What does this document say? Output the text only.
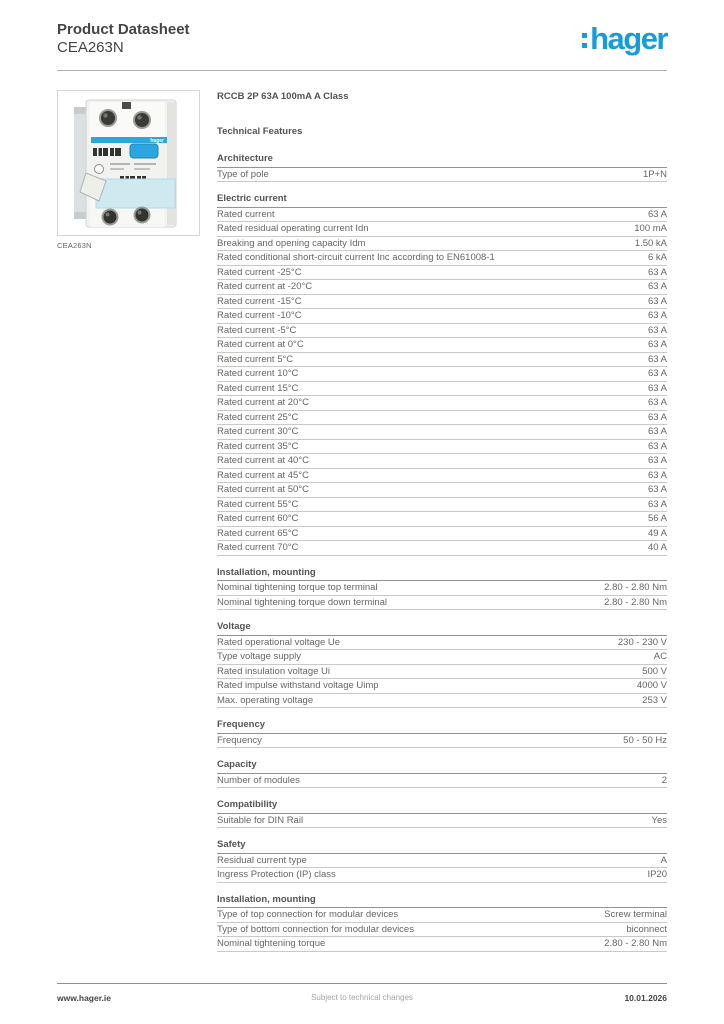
Product Datasheet
CEA263N	hager
hager
CEA263N
RCCB 2P 63A 100mA A Class
Technical Features
Architecture
Type of pole	1P+N
Electric current
Rated current	63 A
Rated residual operating current Idn	100 mA
Breaking and opening capacity Idm	1.50 kA
Rated conditional short-circuit current Inc according to EN61008-1	6 kA
Rated current -25°C	63 A
Rated current at -20°C	63 A
Rated current -15°C	63 A
Rated current -10°C	63 A
Rated current -5°C	63 A
Rated current at 0°C	63 A
Rated current 5°C	63 A
Rated current 10°C	63 A
Rated current 15°C	63 A
Rated current at 20°C	63 A
Rated current 25°C	63 A
Rated current 30°C	63 A
Rated current 35°C	63 A
Rated current at 40°C	63 A
Rated current at 45°C	63 A
Rated current at 50°C	63 A
Rated current 55°C	63 A
Rated current 60°C	56 A
Rated current 65°C	49 A
Rated current 70°C	40 A
Installation, mounting
Nominal tightening torque top terminal	2.80 - 2.80 Nm
Nominal tightening torque down terminal	2.80 - 2.80 Nm
Voltage
Rated operational voltage Ue	230 - 230 V
Type voltage supply	AC
Rated insulation voltage Ui	500 V
Rated impulse withstand voltage Uimp	4000 V
Max. operating voltage	253 V
Frequency
Frequency	50 - 50 Hz
Capacity
Number of modules	2
Compatibility
Suitable for DIN Rail	Yes
Safety
Residual current type	A
Ingress Protection (IP) class	IP20
Installation, mounting
Type of top connection for modular devices	Screw terminal
Type of bottom connection for modular devices	biconnect
Nominal tightening torque	2.80 - 2.80 Nm
www.hager.ie	Subject to technical changes	10.01.2026
